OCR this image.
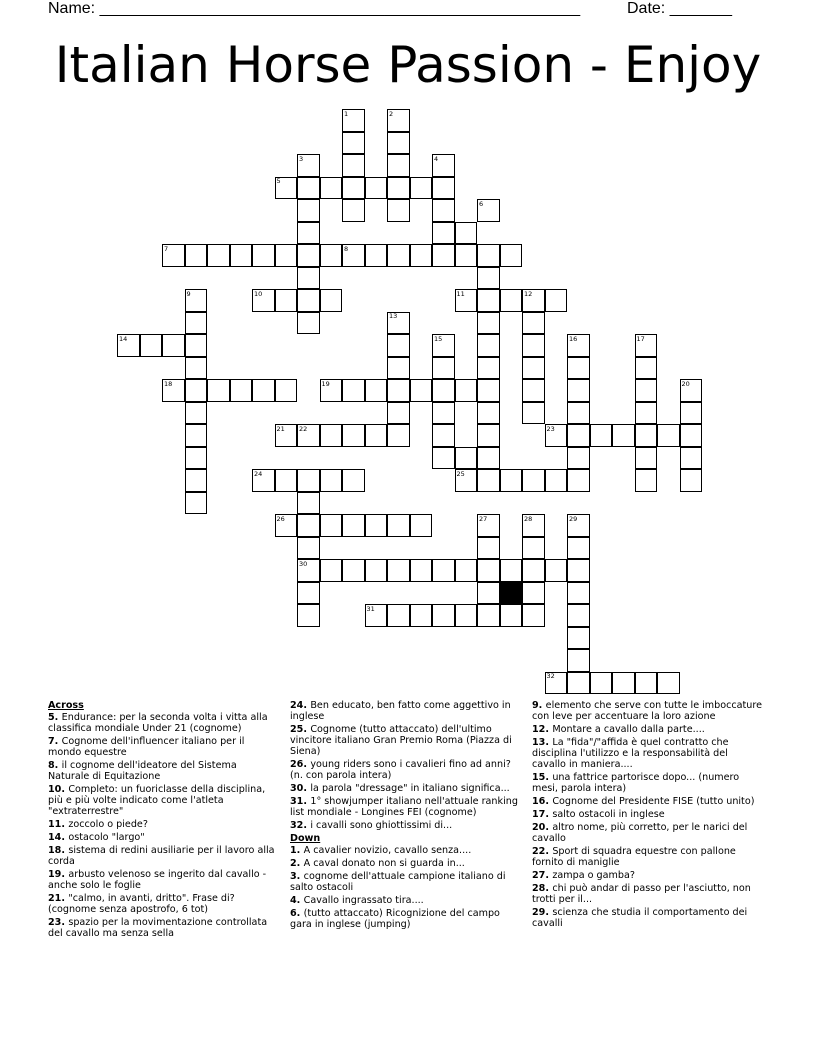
Name: ______________________________________________________	Date: _______
Italian Horse Passion - Enjoy
1	2
3	4
5
6
7	8
9	10	11	12
13
14	15	16	17
18	19	20
21 22	23
24	25
26	27	28	29
30
31
32
Across
5. Endurance: per la seconda volta i vitta alla classifica mondiale Under 21 (cognome)
7. Cognome dell'influencer italiano per il mondo equestre
8. il cognome dell'ideatore del Sistema Naturale di Equitazione
10. Completo: un fuoriclasse della disciplina, più e più volte indicato come l'atleta "extraterrestre"
11. zoccolo o piede?
14. ostacolo "largo"
18. sistema di redini ausiliarie per il lavoro alla corda
19. arbusto velenoso se ingerito dal cavallo - anche solo le foglie
21. "calmo, in avanti, dritto". Frase di? (cognome senza apostrofo, 6 tot)
23. spazio per la movimentazione controllata del cavallo ma senza sella
24. Ben educato, ben fatto come aggettivo in inglese
25. Cognome (tutto attaccato) dell'ultimo vincitore italiano Gran Premio Roma (Piazza di Siena)
26. young riders sono i cavalieri fino ad anni? (n. con parola intera)
30. la parola "dressage" in italiano significa...
31. 1° showjumper italiano nell'attuale ranking list mondiale - Longines FEI (cognome)
32. i cavalli sono ghiottissimi di...
Down
1. A cavalier novizio, cavallo senza....
2. A caval donato non si guarda in...
3. cognome dell'attuale campione italiano di salto ostacoli
4. Cavallo ingrassato tira....
6. (tutto attaccato) Ricognizione del campo gara in inglese (jumping)
9. elemento che serve con tutte le imboccature con leve per accentuare la loro azione
12. Montare a cavallo dalla parte....
13. La "fida"/"affida è quel contratto che disciplina l'utilizzo e la responsabilità del cavallo in maniera....
15. una fattrice partorisce dopo... (numero mesi, parola intera)
16. Cognome del Presidente FISE (tutto unito)
17. salto ostacoli in inglese
20. altro nome, più corretto, per le narici del cavallo
22. Sport di squadra equestre con pallone fornito di maniglie
27. zampa o gamba?
28. chi può andar di passo per l'asciutto, non trotti per il...
29. scienza che studia il comportamento dei cavalli
